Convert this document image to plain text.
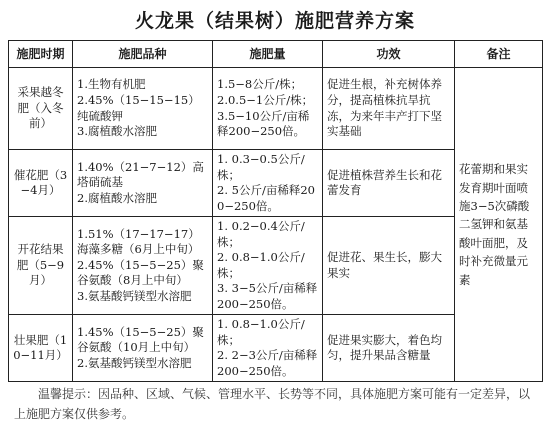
火龙果（结果树）施肥营养方案
施肥时期	施肥品种	施肥量	功效	备注
采果越冬肥（入冬前）	1.生物有机肥
2.45%（15−15−15）纯硫酸钾
3.腐植酸水溶肥	1.5−8公斤/株；
2.0.5−1公斤/株；
3.5−10公斤/亩稀释200−250倍。	促进生根，补充树体养分，提高植株抗旱抗冻，为来年丰产打下坚实基础	花蕾期和果实发育期叶面喷施3−5次磷酸二氢钾和氨基酸叶面肥，及时补充微量元素
催花肥（3−4月）	1.40%（21−7−12）高塔硝硫基
2.腐植酸水溶肥	1. 0.3−0.5公斤/株；
2. 5公斤/亩稀释200−250倍。	促进植株营养生长和花蕾发育	
开花结果肥（5−9月）	1.51%（17−17−17）海藻多糖（6月上中旬）
2.45%（15−5−25）聚谷氨酸（8月上中旬）
3.氨基酸钙镁型水溶肥	1. 0.2−0.4公斤/株；
2. 0.8−1.0公斤/株；
3. 3−5公斤/亩稀释200−250倍。	促进花、果生长，膨大果实	
壮果肥（10−11月）	1.45%（15−5−25）聚谷氨酸（10月上中旬）
2.氨基酸钙镁型水溶肥	1. 0.8−1.0公斤/株；
2. 2−3公斤/亩稀释200−250倍。	促进果实膨大，着色均匀，提升果品含糖量	
温馨提示：因品种、区域、气候、管理水平、长势等不同，具体施肥方案可能有一定差异，以上施肥方案仅供参考。
